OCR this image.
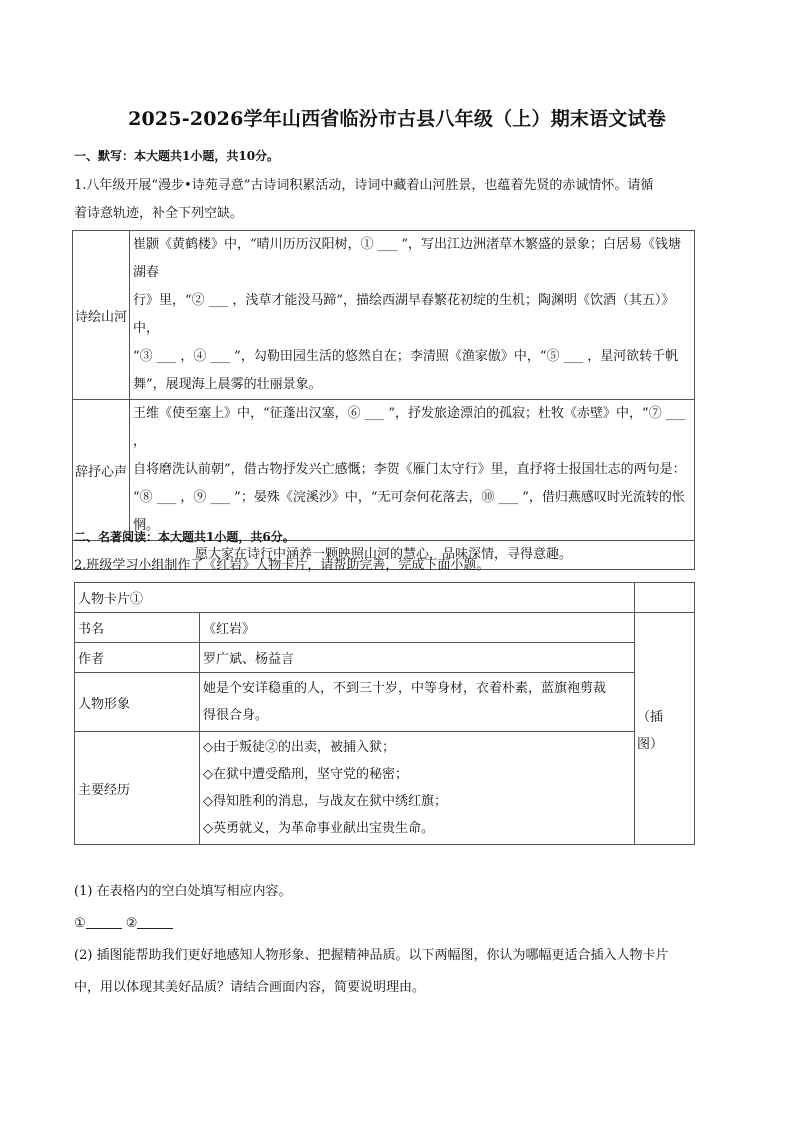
2025-2026学年山西省临汾市古县八年级（上）期末语文试卷
一、默写：本大题共1小题，共10分。
1.八年级开展“漫步•诗苑寻意”古诗词积累活动，诗词中藏着山河胜景，也蕴着先贤的赤诚情怀。请循
着诗意轨迹，补全下列空缺。
诗绘山河	崔颢《黄鹤楼》中，“晴川历历汉阳树，① ___ ”，写出江边洲渚草木繁盛的景象；白居易《钱塘湖春
行》里，“② ___ ，浅草才能没马蹄”，描绘西湖早春繁花初绽的生机；陶渊明《饮酒（其五）》中，
“③ ___ ，④ ___ ”，勾勒田园生活的悠然自在；李清照《渔家傲》中，“⑤ ___ ，星河欲转千帆
舞”，展现海上晨雾的壮丽景象。

辞抒心声	王维《使至塞上》中，“征蓬出汉塞，⑥ ___ ”，抒发旅途漂泊的孤寂；杜牧《赤壁》中，“⑦ ___ ，
自将磨洗认前朝”，借古物抒发兴亡感慨；李贺《雁门太守行》里，直抒将士报国壮志的两句是：
“⑧ ___ ，⑨ ___ ”；晏殊《浣溪沙》中，“无可奈何花落去，⑩ ___ ”，借归燕感叹时光流转的怅
惘。

愿大家在诗行中涵养一颗映照山河的慧心，品味深情，寻得意趣。	
二、名著阅读：本大题共1小题，共6分。
2.班级学习小组制作了《红岩》人物卡片，请帮助完善，完成下面小题。
人物卡片①		
书名	《红岩》	（插
图）

作者	罗广斌、杨益言	
人物形象	她是个安详稳重的人，不到三十岁，中等身材，衣着朴素，蓝旗袍剪裁
得很合身。	

主要经历	◇由于叛徒②的出卖，被捕入狱；
◇在狱中遭受酷刑，坚守党的秘密；
◇得知胜利的消息，与战友在狱中绣红旗；
◇英勇就义，为革命事业献出宝贵生命。	
(1) 在表格内的空白处填写相应内容。
①	②
(2) 插图能帮助我们更好地感知人物形象、把握精神品质。以下两幅图，你认为哪幅更适合插入人物卡片
中，用以体现其美好品质？请结合画面内容，简要说明理由。
